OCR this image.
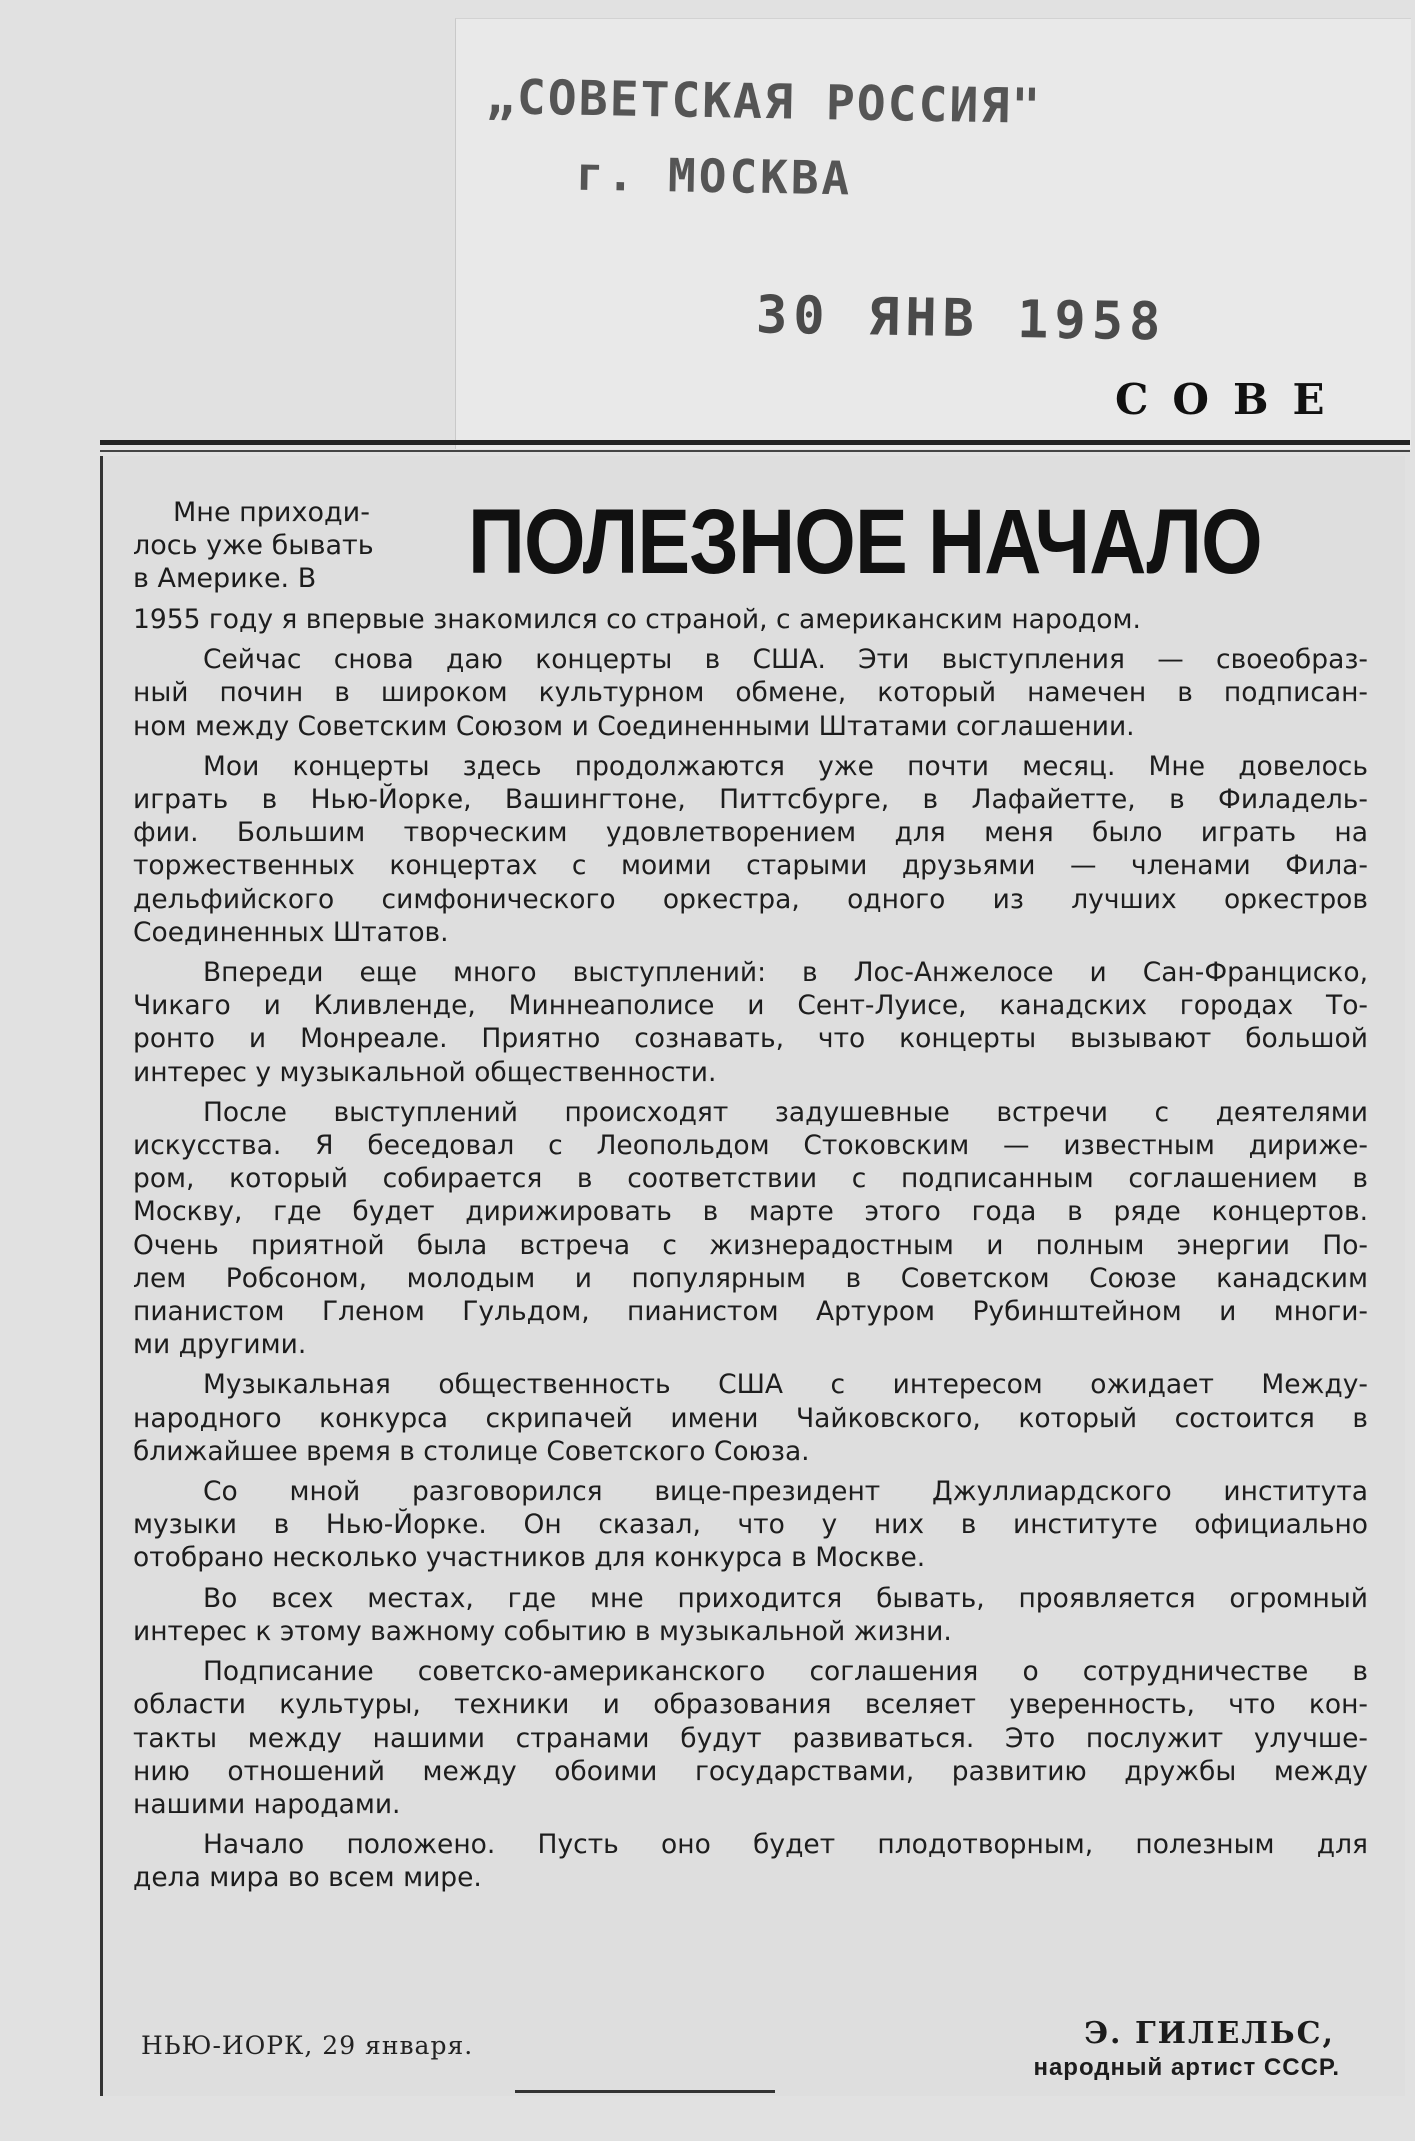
„СОВЕТСКАЯ РОССИЯ"
г. МОСКВА
30 ЯНВ 1958
СОВЕ
Мне приходи-
лось уже бывать
в Америке. В	ПОЛЕЗНОЕ НАЧАЛО
1955 году я впервые знакомился со страной, с американским народом.
Сейчас снова даю концерты в США. Эти выступления — своеобраз-
ный почин в широком культурном обмене, который намечен в подписан-
ном между Советским Союзом и Соединенными Штатами соглашении.
Мои концерты здесь продолжаются уже почти месяц. Мне довелось
играть в Нью-Йорке, Вашингтоне, Питтсбурге, в Лафайетте, в Филадель-
фии. Большим творческим удовлетворением для меня было играть на
торжественных концертах с моими старыми друзьями — членами Фила-
дельфийского симфонического оркестра, одного из лучших оркестров
Соединенных Штатов.
Впереди еще много выступлений: в Лос-Анжелосе и Сан-Франциско,
Чикаго и Кливленде, Миннеаполисе и Сент-Луисе, канадских городах То-
ронто и Монреале. Приятно сознавать, что концерты вызывают большой
интерес у музыкальной общественности.
После выступлений происходят задушевные встречи с деятелями
искусства. Я беседовал с Леопольдом Стоковским — известным дириже-
ром, который собирается в соответствии с подписанным соглашением в
Москву, где будет дирижировать в марте этого года в ряде концертов.
Очень приятной была встреча с жизнерадостным и полным энергии По-
лем Робсоном, молодым и популярным в Советском Союзе канадским
пианистом Гленом Гульдом, пианистом Артуром Рубинштейном и многи-
ми другими.
Музыкальная общественность США с интересом ожидает Между-
народного конкурса скрипачей имени Чайковского, который состоится в
ближайшее время в столице Советского Союза.
Со мной разговорился вице-президент Джуллиардского института
музыки в Нью-Йорке. Он сказал, что у них в институте официально
отобрано несколько участников для конкурса в Москве.
Во всех местах, где мне приходится бывать, проявляется огромный
интерес к этому важному событию в музыкальной жизни.
Подписание советско-американского соглашения о сотрудничестве в
области культуры, техники и образования вселяет уверенность, что кон-
такты между нашими странами будут развиваться. Это послужит улучше-
нию отношений между обоими государствами, развитию дружбы между
нашими народами.
Начало положено. Пусть оно будет плодотворным, полезным для
дела мира во всем мире.
НЬЮ-ИОРК, 29 января.	Э. ГИЛЕЛЬС,
народный артист СССР.
